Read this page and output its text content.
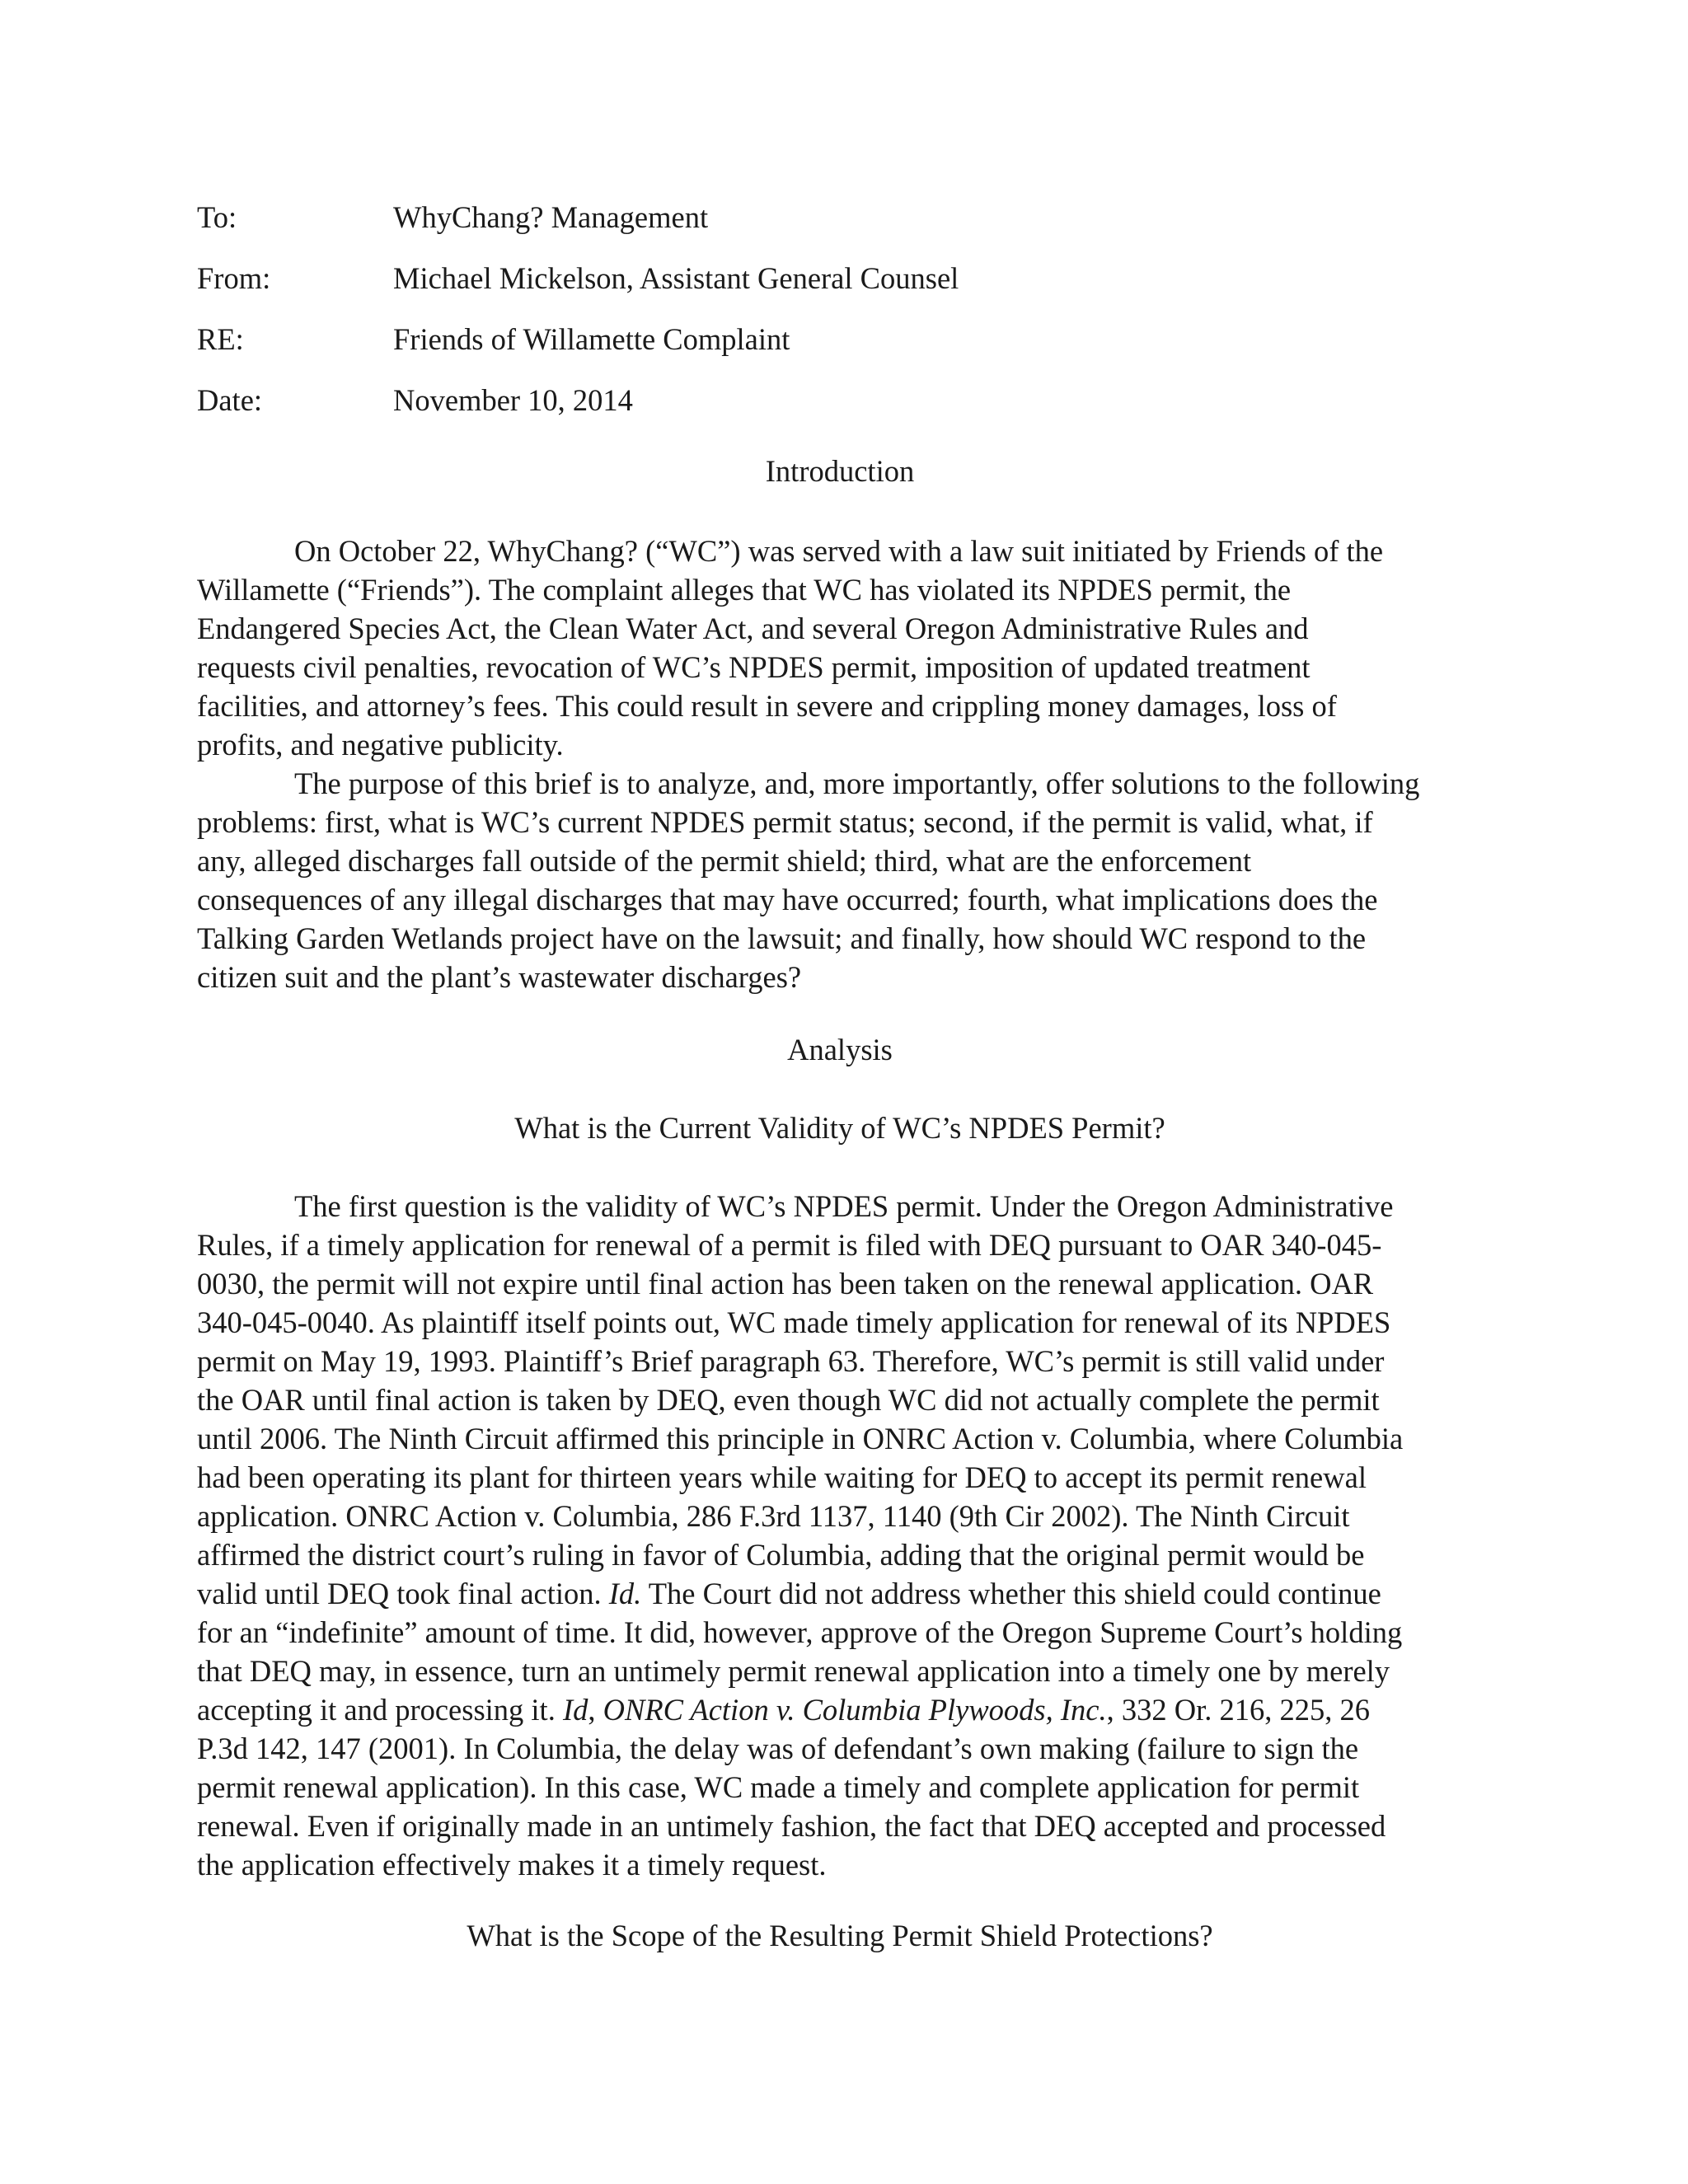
To:	WhyChang? Management
From:	Michael Mickelson, Assistant General Counsel
RE:	Friends of Willamette Complaint
Date:	November 10, 2014
Introduction
On October 22, WhyChang? (“WC”) was served with a law suit initiated by Friends of the
Willamette (“Friends”). The complaint alleges that WC has violated its NPDES permit, the
Endangered Species Act, the Clean Water Act, and several Oregon Administrative Rules and
requests civil penalties, revocation of WC’s NPDES permit, imposition of updated treatment
facilities, and attorney’s fees. This could result in severe and crippling money damages, loss of
profits, and negative publicity.
The purpose of this brief is to analyze, and, more importantly, offer solutions to the following
problems: first, what is WC’s current NPDES permit status; second, if the permit is valid, what, if
any, alleged discharges fall outside of the permit shield; third, what are the enforcement
consequences of any illegal discharges that may have occurred; fourth, what implications does the
Talking Garden Wetlands project have on the lawsuit; and finally, how should WC respond to the
citizen suit and the plant’s wastewater discharges?
Analysis
What is the Current Validity of WC’s NPDES Permit?
The first question is the validity of WC’s NPDES permit. Under the Oregon Administrative
Rules, if a timely application for renewal of a permit is filed with DEQ pursuant to OAR 340-045-
0030, the permit will not expire until final action has been taken on the renewal application. OAR
340-045-0040. As plaintiff itself points out, WC made timely application for renewal of its NPDES
permit on May 19, 1993. Plaintiff’s Brief paragraph 63. Therefore, WC’s permit is still valid under
the OAR until final action is taken by DEQ, even though WC did not actually complete the permit
until 2006. The Ninth Circuit affirmed this principle in ONRC Action v. Columbia, where Columbia
had been operating its plant for thirteen years while waiting for DEQ to accept its permit renewal
application. ONRC Action v. Columbia, 286 F.3rd 1137, 1140 (9th Cir 2002). The Ninth Circuit
affirmed the district court’s ruling in favor of Columbia, adding that the original permit would be
valid until DEQ took final action. Id. The Court did not address whether this shield could continue
for an “indefinite” amount of time. It did, however, approve of the Oregon Supreme Court’s holding
that DEQ may, in essence, turn an untimely permit renewal application into a timely one by merely
accepting it and processing it. Id, ONRC Action v. Columbia Plywoods, Inc., 332 Or. 216, 225, 26
P.3d 142, 147 (2001). In Columbia, the delay was of defendant’s own making (failure to sign the
permit renewal application). In this case, WC made a timely and complete application for permit
renewal. Even if originally made in an untimely fashion, the fact that DEQ accepted and processed
the application effectively makes it a timely request.
What is the Scope of the Resulting Permit Shield Protections?
